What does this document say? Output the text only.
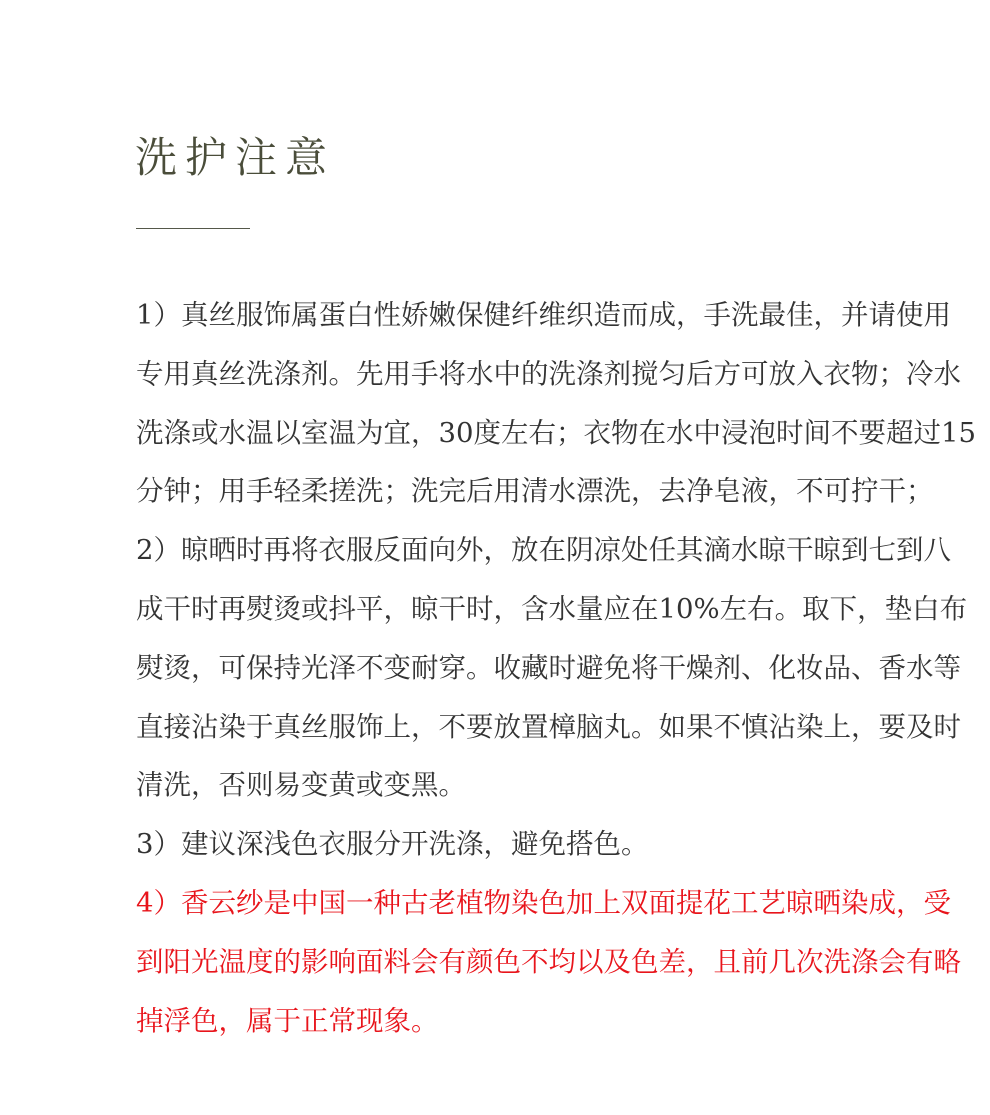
洗护注意

1）真丝服饰属蛋白性娇嫩保健纤维织造而成，手洗最佳，并请使用专用真丝洗涤剂。先用手将水中的洗涤剂搅匀后方可放入衣物；冷水洗涤或水温以室温为宜，30度左右；衣物在水中浸泡时间不要超过15分钟；用手轻柔搓洗；洗完后用清水漂洗，去净皂液，不可拧干；

2）晾晒时再将衣服反面向外，放在阴凉处任其滴水晾干晾到七到八成干时再熨烫或抖平，晾干时，含水量应在10%左右。取下，垫白布熨烫，可保持光泽不变耐穿。收藏时避免将干燥剂、化妆品、香水等直接沾染于真丝服饰上，不要放置樟脑丸。如果不慎沾染上，要及时清洗，否则易变黄或变黑。

3）建议深浅色衣服分开洗涤，避免搭色。

4）香云纱是中国一种古老植物染色加上双面提花工艺晾晒染成，受到阳光温度的影响面料会有颜色不均以及色差，且前几次洗涤会有略掉浮色，属于正常现象。
